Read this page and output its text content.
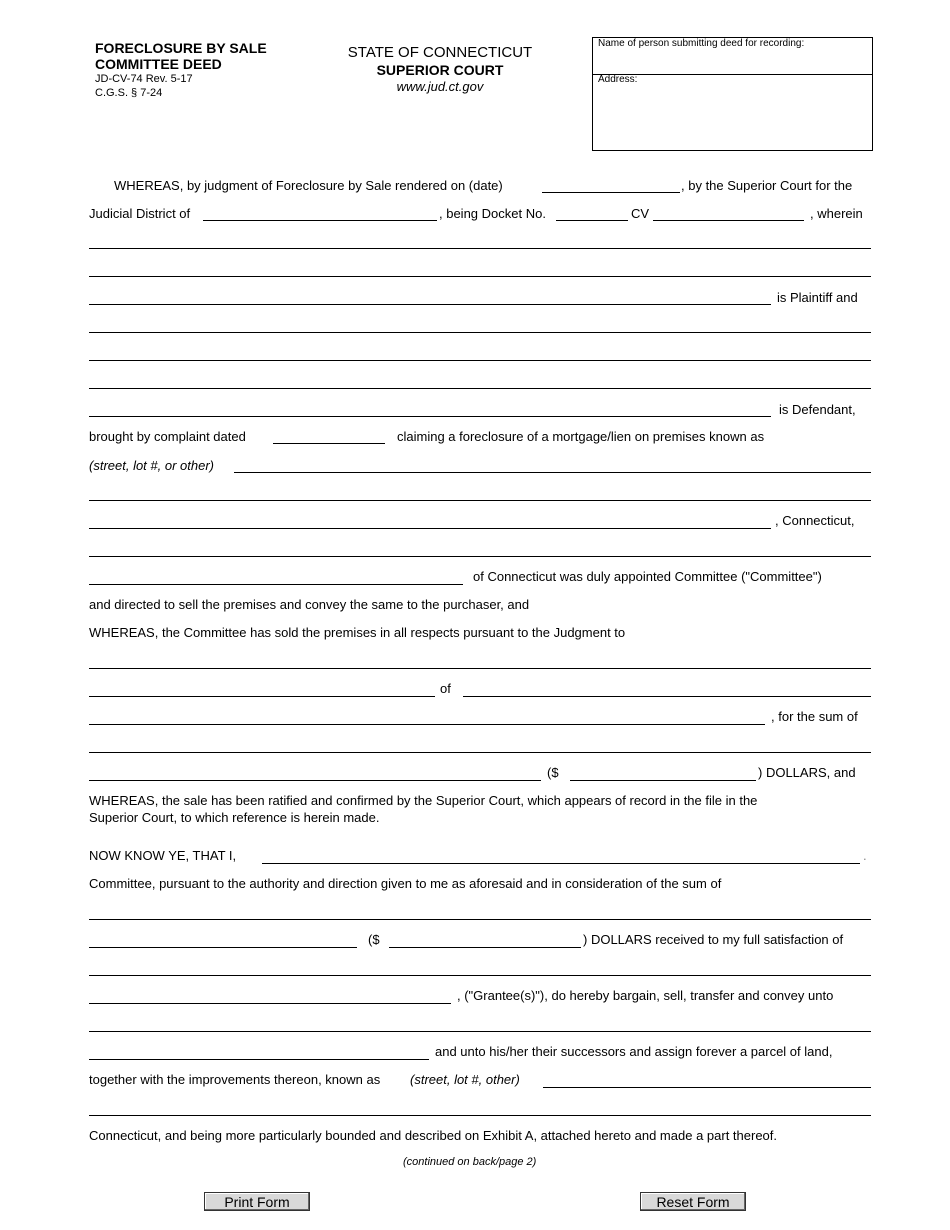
FORECLOSURE BY SALE
COMMITTEE DEED
JD-CV-74 Rev. 5-17
C.G.S. § 7-24
STATE OF CONNECTICUT
SUPERIOR COURT
www.jud.ct.gov
Name of person submitting deed for recording:
Address:
WHEREAS, by judgment of Foreclosure by Sale rendered on (date)	, by the Superior Court for the
Judicial District of	, being Docket No.	CV	, wherein
is Plaintiff and
is Defendant,
brought by complaint dated	claiming a foreclosure of a mortgage/lien on premises known as
(street, lot #, or other)
, Connecticut,
of Connecticut was duly appointed Committee ("Committee")
and directed to sell the premises and convey the same to the purchaser, and
WHEREAS, the Committee has sold the premises in all respects pursuant to the Judgment to
of
, for the sum of
($	) DOLLARS, and
WHEREAS, the sale has been ratified and confirmed by the Superior Court, which appears of record in the file in the
Superior Court, to which reference is herein made.
NOW KNOW YE, THAT I,	.
Committee, pursuant to the authority and direction given to me as aforesaid and in consideration of the sum of
($	) DOLLARS received to my full satisfaction of
, ("Grantee(s)"), do hereby bargain, sell, transfer and convey unto
and unto his/her their successors and assign forever a parcel of land,
together with the improvements thereon, known as (street, lot #, other)
Connecticut, and being more particularly bounded and described on Exhibit A, attached hereto and made a part thereof.
(continued on back/page 2)
Print Form	Reset Form
